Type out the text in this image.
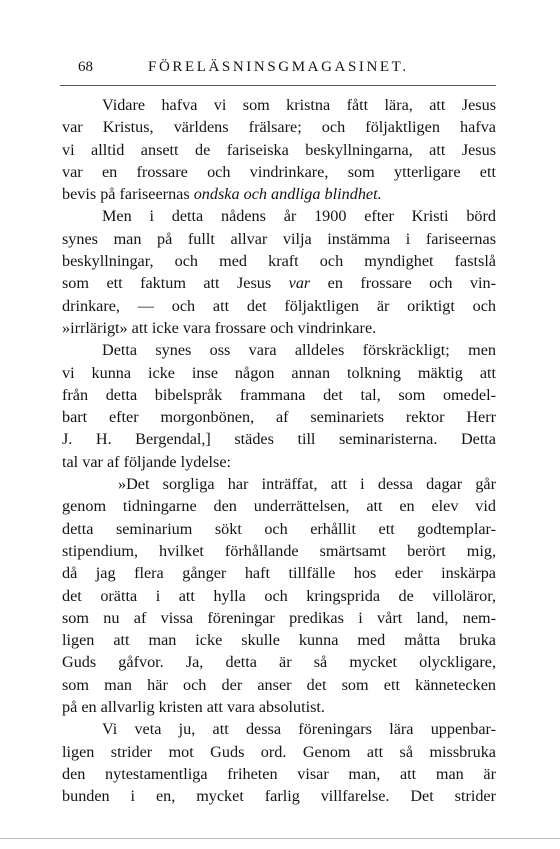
68	FÖRELÄSNINSGMAGASINET.
Vidare hafva vi som kristna fått lära, att Jesus
var Kristus, världens frälsare; och följaktligen hafva
vi alltid ansett de fariseiska beskyllningarna, att Jesus
var en frossare och vindrinkare, som ytterligare ett
bevis på fariseernas ondska och andliga blindhet.
Men i detta nådens år 1900 efter Kristi börd
synes man på fullt allvar vilja instämma i fariseernas
beskyllningar, och med kraft och myndighet fastslå
som ett faktum att Jesus var en frossare och vin-
drinkare, — och att det följaktligen är oriktigt och
»irrlärigt» att icke vara frossare och vindrinkare.
Detta synes oss vara alldeles förskräckligt; men
vi kunna icke inse någon annan tolkning mäktig att
från detta bibelspråk frammana det tal, som omedel-
bart efter morgonbönen, af seminariets rektor Herr
J. H. Bergendal,] städes till seminaristerna. Detta
tal var af följande lydelse:
»Det sorgliga har inträffat, att i dessa dagar går
genom tidningarne den underrättelsen, att en elev vid
detta seminarium sökt och erhållit ett godtemplar-
stipendium, hvilket förhållande smärtsamt berört mig,
då jag flera gånger haft tillfälle hos eder inskärpa
det orätta i att hylla och kringsprida de villoläror,
som nu af vissa föreningar predikas i vårt land, nem-
ligen att man icke skulle kunna med måtta bruka
Guds gåfvor. Ja, detta är så mycket olyckligare,
som man här och der anser det som ett kännetecken
på en allvarlig kristen att vara absolutist.
Vi veta ju, att dessa föreningars lära uppenbar-
ligen strider mot Guds ord. Genom att så missbruka
den nytestamentliga friheten visar man, att man är
bunden i en, mycket farlig villfarelse. Det strider
